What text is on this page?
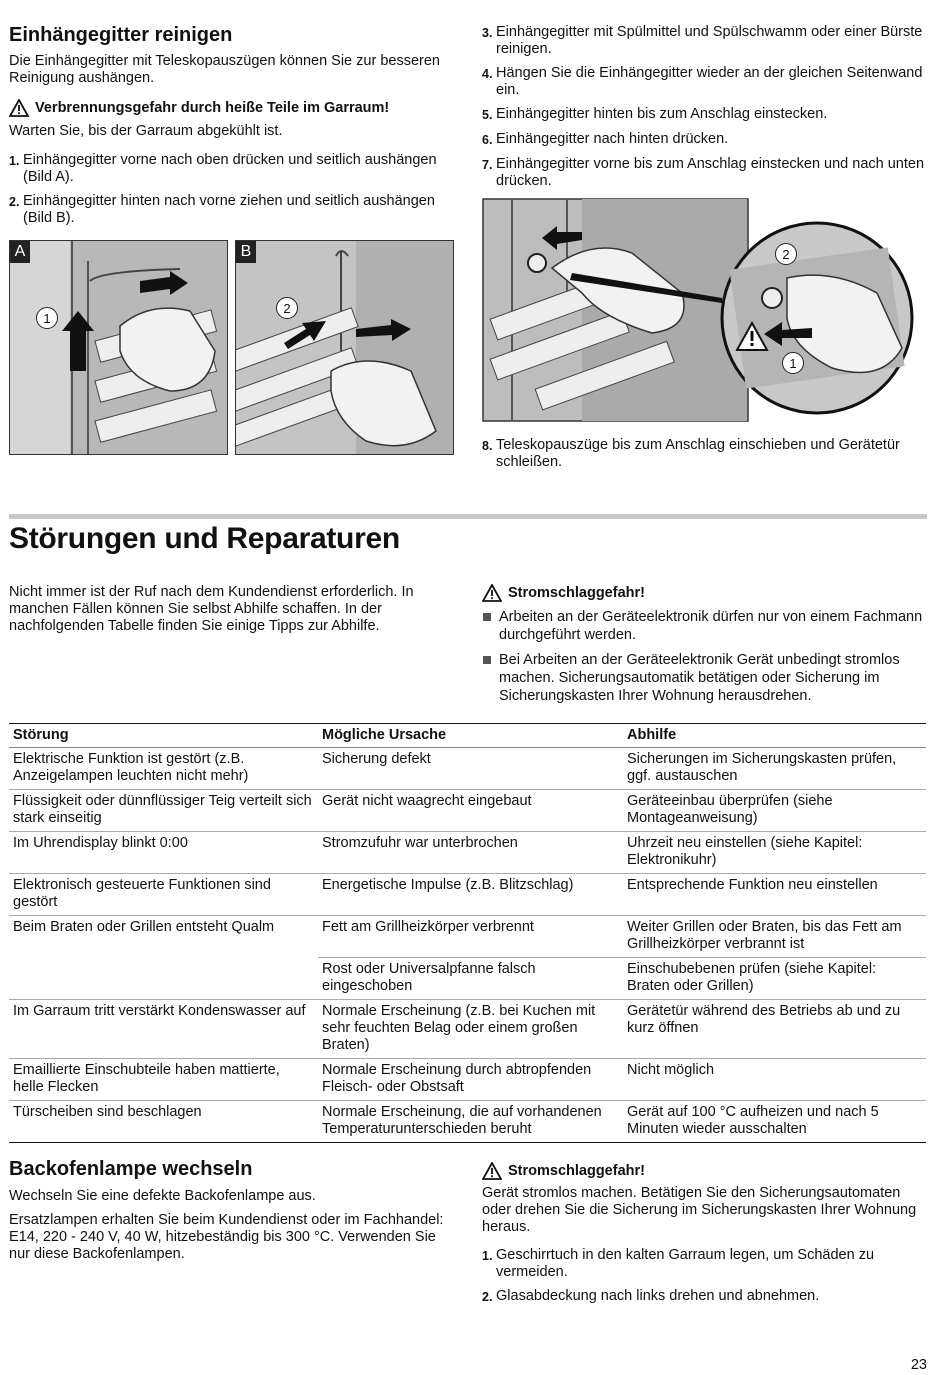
Einhängegitter reinigen

Die Einhängegitter mit Teleskopauszügen können Sie zur besseren Reinigung aushängen.

Verbrennungsgefahr durch heiße Teile im Garraum!

Warten Sie, bis der Garraum abgekühlt ist.

1. Einhängegitter vorne nach oben drücken und seitlich aushängen (Bild A).
2. Einhängegitter hinten nach vorne ziehen und seitlich aushängen (Bild B).
A
1
B
2
3. Einhängegitter mit Spülmittel und Spülschwamm oder einer Bürste reinigen.
4. Hängen Sie die Einhängegitter wieder an der gleichen Seitenwand ein.
5. Einhängegitter hinten bis zum Anschlag einstecken.
6. Einhängegitter nach hinten drücken.
7. Einhängegitter vorne bis zum Anschlag einstecken und nach unten drücken.
2
1
8. Teleskopauszüge bis zum Anschlag einschieben und Gerätetür schleißen.
Störungen und Reparaturen

Nicht immer ist der Ruf nach dem Kundendienst erforderlich. In manchen Fällen können Sie selbst Abhilfe schaffen. In der nachfolgenden Tabelle finden Sie einige Tipps zur Abhilfe.

Stromschlaggefahr!
Arbeiten an der Geräteelektronik dürfen nur von einem Fachmann durchgeführt werden.
Bei Arbeiten an der Geräteelektronik Gerät unbedingt stromlos machen. Sicherungsautomatik betätigen oder Sicherung im Sicherungskasten Ihrer Wohnung herausdrehen.
Störung	Mögliche Ursache	Abhilfe
Elektrische Funktion ist gestört (z.B. Anzeigelampen leuchten nicht mehr)	Sicherung defekt	Sicherungen im Sicherungskasten prüfen, ggf. austauschen
Flüssigkeit oder dünnflüssiger Teig verteilt sich stark einseitig	Gerät nicht waagrecht eingebaut	Geräteeinbau überprüfen (siehe Montageanweisung)
Im Uhrendisplay blinkt 0:00	Stromzufuhr war unterbrochen	Uhrzeit neu einstellen (siehe Kapitel: Elektronikuhr)
Elektronisch gesteuerte Funktionen sind gestört	Energetische Impulse (z.B. Blitzschlag)	Entsprechende Funktion neu einstellen
Beim Braten oder Grillen entsteht Qualm	Fett am Grillheizkörper verbrennt	Weiter Grillen oder Braten, bis das Fett am Grillheizkörper verbrannt ist
	Rost oder Universalpfanne falsch eingeschoben	Einschubebenen prüfen (siehe Kapitel: Braten oder Grillen)
Im Garraum tritt verstärkt Kondenswasser auf	Normale Erscheinung (z.B. bei Kuchen mit sehr feuchten Belag oder einem großen Braten)	Gerätetür während des Betriebs ab und zu kurz öffnen
Emaillierte Einschubteile haben mattierte, helle Flecken	Normale Erscheinung durch abtropfenden Fleisch- oder Obstsaft	Nicht möglich
Türscheiben sind beschlagen	Normale Erscheinung, die auf vorhandenen Temperaturunterschieden beruht	Gerät auf 100 °C aufheizen und nach 5 Minuten wieder ausschalten
Backofenlampe wechseln

Wechseln Sie eine defekte Backofenlampe aus.

Ersatzlampen erhalten Sie beim Kundendienst oder im Fachhandel: E14, 220 - 240 V, 40 W, hitzebeständig bis 300 °C. Verwenden Sie nur diese Backofenlampen.

Stromschlaggefahr!

Gerät stromlos machen. Betätigen Sie den Sicherungsautomaten oder drehen Sie die Sicherung im Sicherungskasten Ihrer Wohnung heraus.

1. Geschirrtuch in den kalten Garraum legen, um Schäden zu vermeiden.
2. Glasabdeckung nach links drehen und abnehmen.
23
